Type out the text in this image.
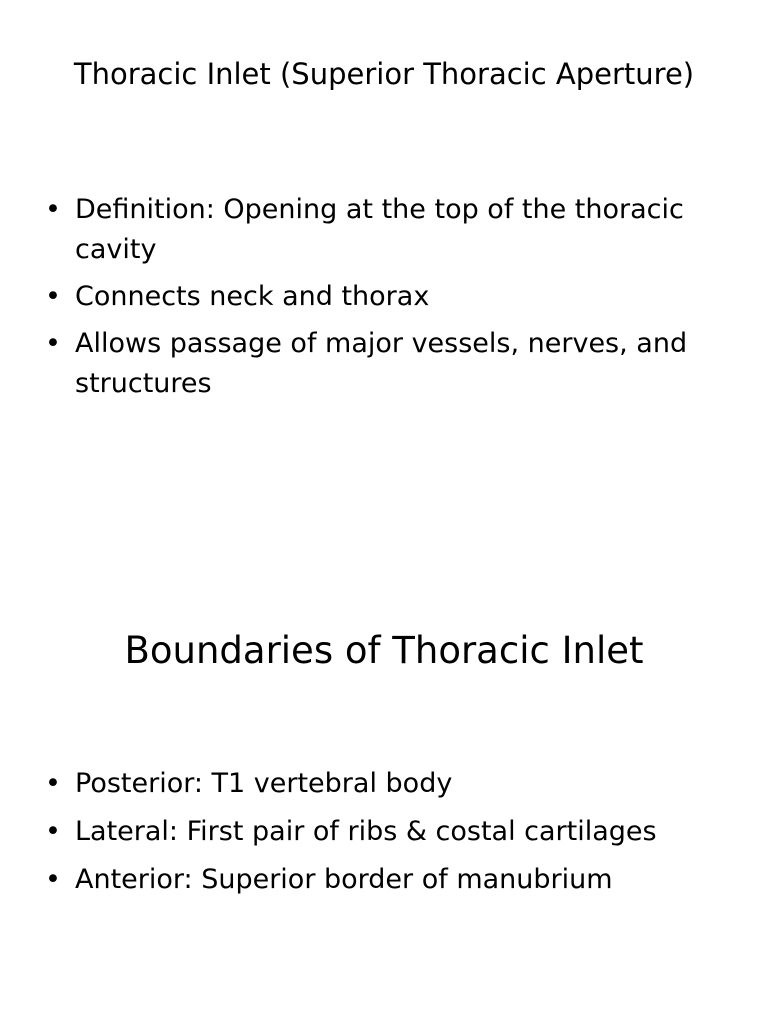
Thoracic Inlet (Superior Thoracic Aperture)
• Definition: Opening at the top of the thoracic cavity
• Connects neck and thorax
• Allows passage of major vessels, nerves, and structures
Boundaries of Thoracic Inlet
• Posterior: T1 vertebral body
• Lateral: First pair of ribs & costal cartilages
• Anterior: Superior border of manubrium
